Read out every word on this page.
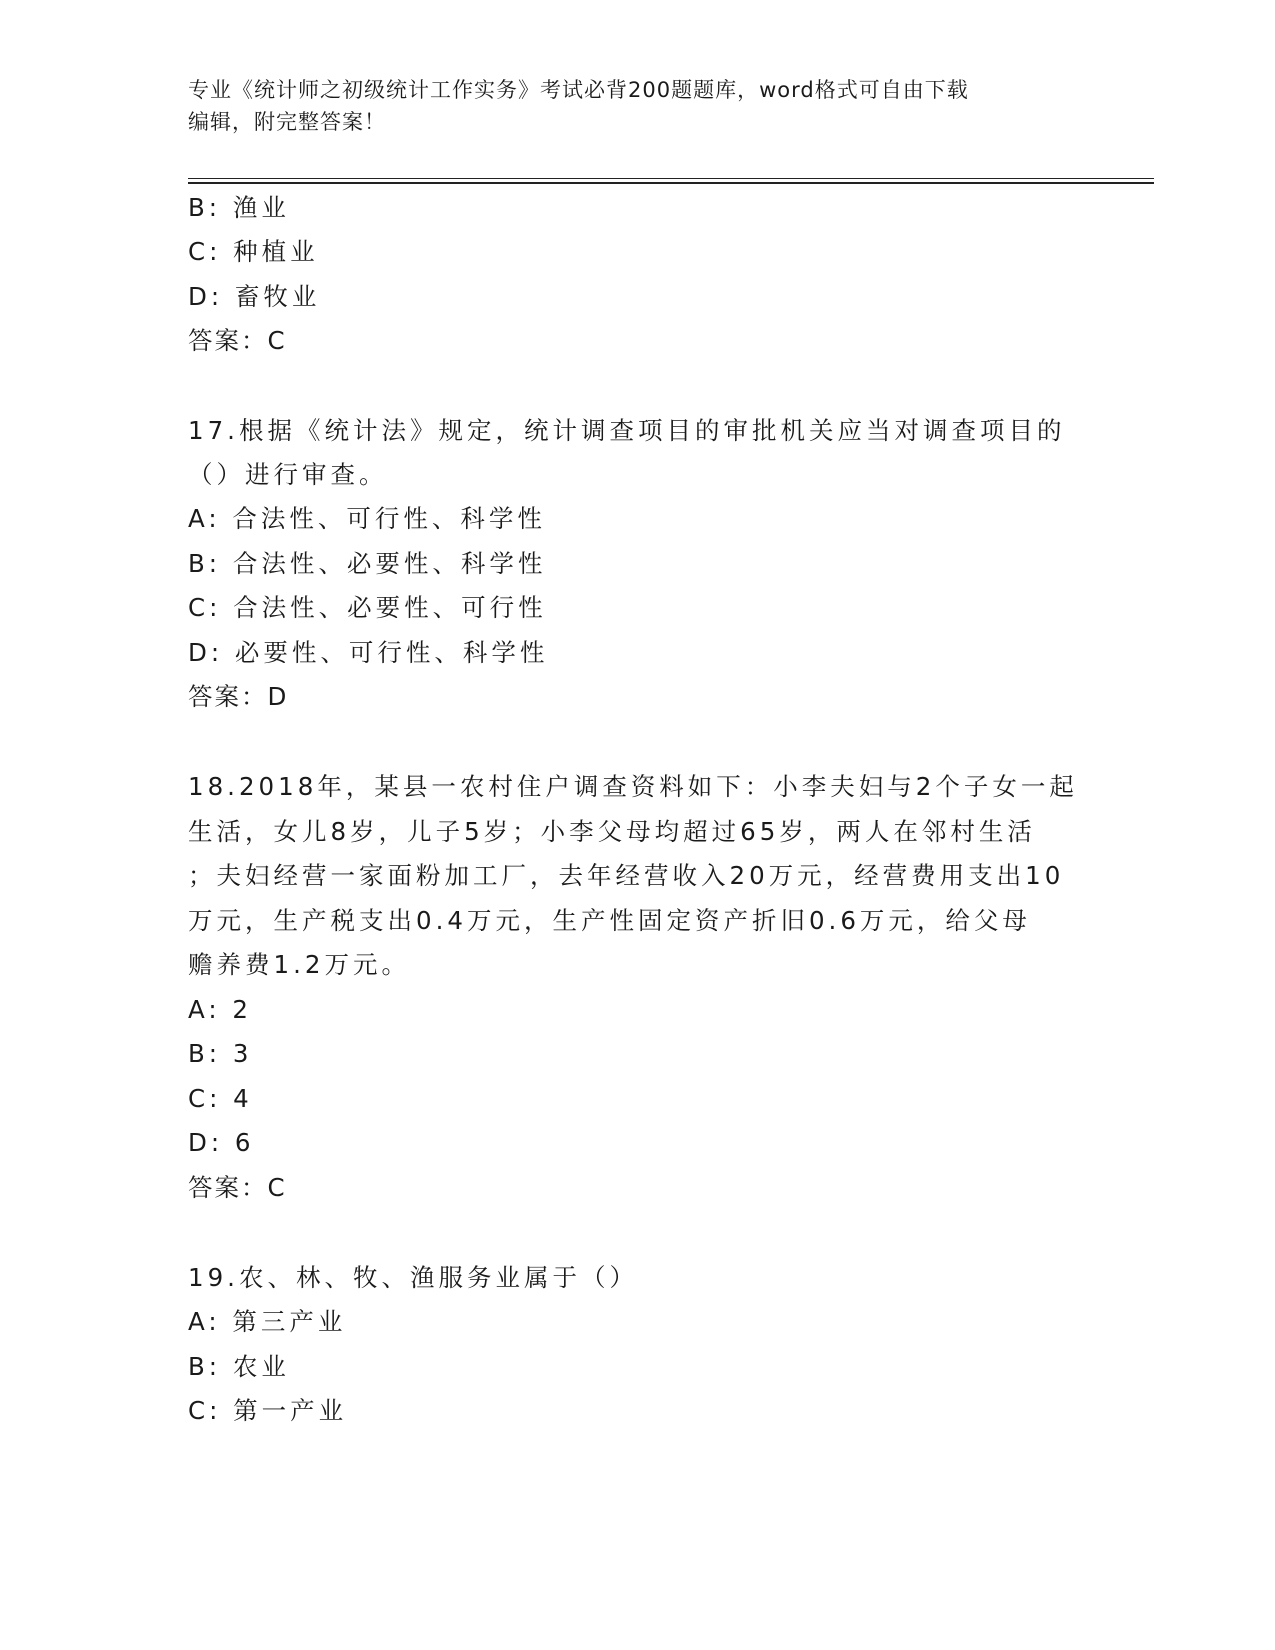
专业《统计师之初级统计工作实务》考试必背200题题库，word格式可自由下载
编辑，附完整答案！
B: 渔业
C: 种植业
D: 畜牧业
答案：C
17.根据《统计法》规定，统计调查项目的审批机关应当对调查项目的
（）进行审查。
A: 合法性、可行性、科学性
B: 合法性、必要性、科学性
C: 合法性、必要性、可行性
D: 必要性、可行性、科学性
答案：D
18.2018年，某县一农村住户调查资料如下：小李夫妇与2个子女一起
生活，女儿8岁，儿子5岁；小李父母均超过65岁，两人在邻村生活
；夫妇经营一家面粉加工厂，去年经营收入20万元，经营费用支出10
万元，生产税支出0.4万元，生产性固定资产折旧0.6万元，给父母
赡养费1.2万元。
A: 2
B: 3
C: 4
D: 6
答案：C
19.农、林、牧、渔服务业属于（）
A: 第三产业
B: 农业
C: 第一产业
